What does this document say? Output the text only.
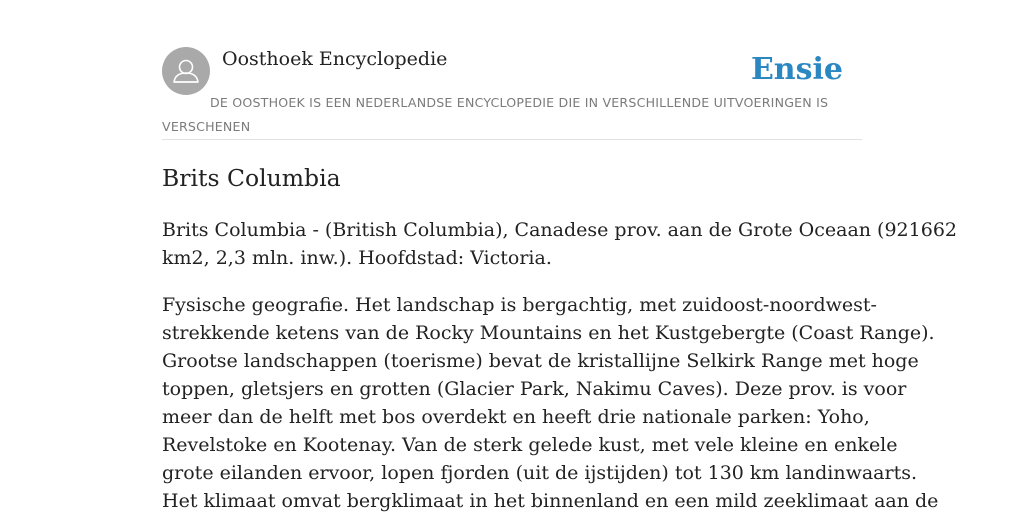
Oosthoek Encyclopedie	Ensie
DE OOSTHOEK IS EEN NEDERLANDSE ENCYCLOPEDIE DIE IN VERSCHILLENDE UITVOERINGEN IS VERSCHENEN
Brits Columbia

Brits Columbia - (British Columbia), Canadese prov. aan de Grote Oceaan (921662
km2, 2,3 mln. inw.). Hoofdstad: Victoria.

Fysische geografie. Het landschap is bergachtig, met zuidoost-noordwest-
strekkende ketens van de Rocky Mountains en het Kustgebergte (Coast Range).
Grootse landschappen (toerisme) bevat de kristallijne Selkirk Range met hoge
toppen, gletsjers en grotten (Glacier Park, Nakimu Caves). Deze prov. is voor
meer dan de helft met bos overdekt en heeft drie nationale parken: Yoho,
Revelstoke en Kootenay. Van de sterk gelede kust, met vele kleine en enkele
grote eilanden ervoor, lopen fjorden (uit de ijstijden) tot 130 km landinwaarts.
Het klimaat omvat bergklimaat in het binnenland en een mild zeeklimaat aan de
